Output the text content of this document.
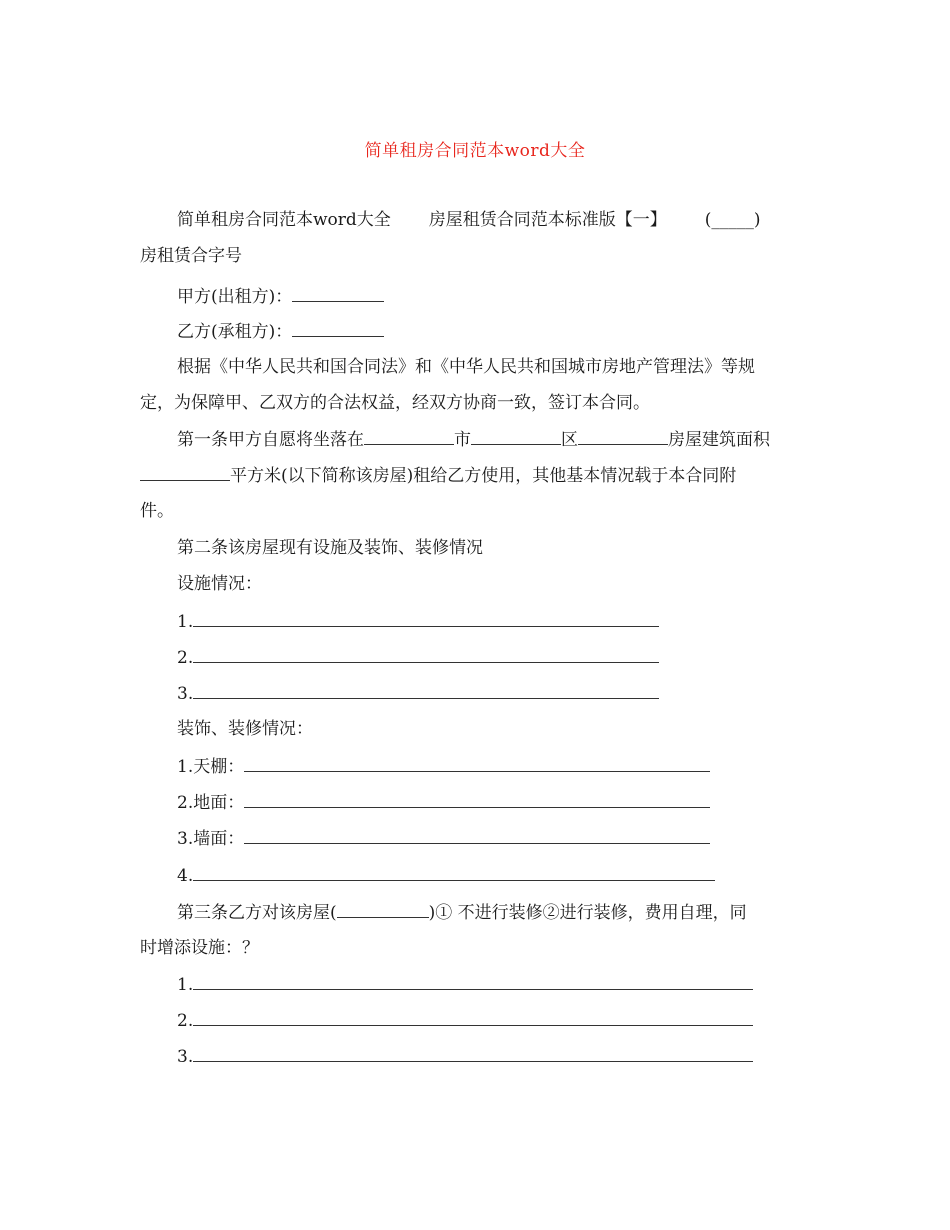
简单租房合同范本word大全
简单租房合同范本word大全 房屋租赁合同范本标准版【一】 (_____)
房租赁合字号
甲方(出租方)：
乙方(承租方)：
根据《中华人民共和国合同法》和《中华人民共和国城市房地产管理法》等规
定，为保障甲、乙双方的合法权益，经双方协商一致，签订本合同。
第一条甲方自愿将坐落在	市	区	房屋建筑面积
平方米(以下简称该房屋)租给乙方使用，其他基本情况载于本合同附
件。
第二条该房屋现有设施及装饰、装修情况
设施情况：
1.
2.
3.
装饰、装修情况：
1.天棚：
2.地面：
3.墙面：
4.
第三条乙方对该房屋(	)① 不进行装修②进行装修，费用自理，同
时增添设施：？
1.
2.
3.
